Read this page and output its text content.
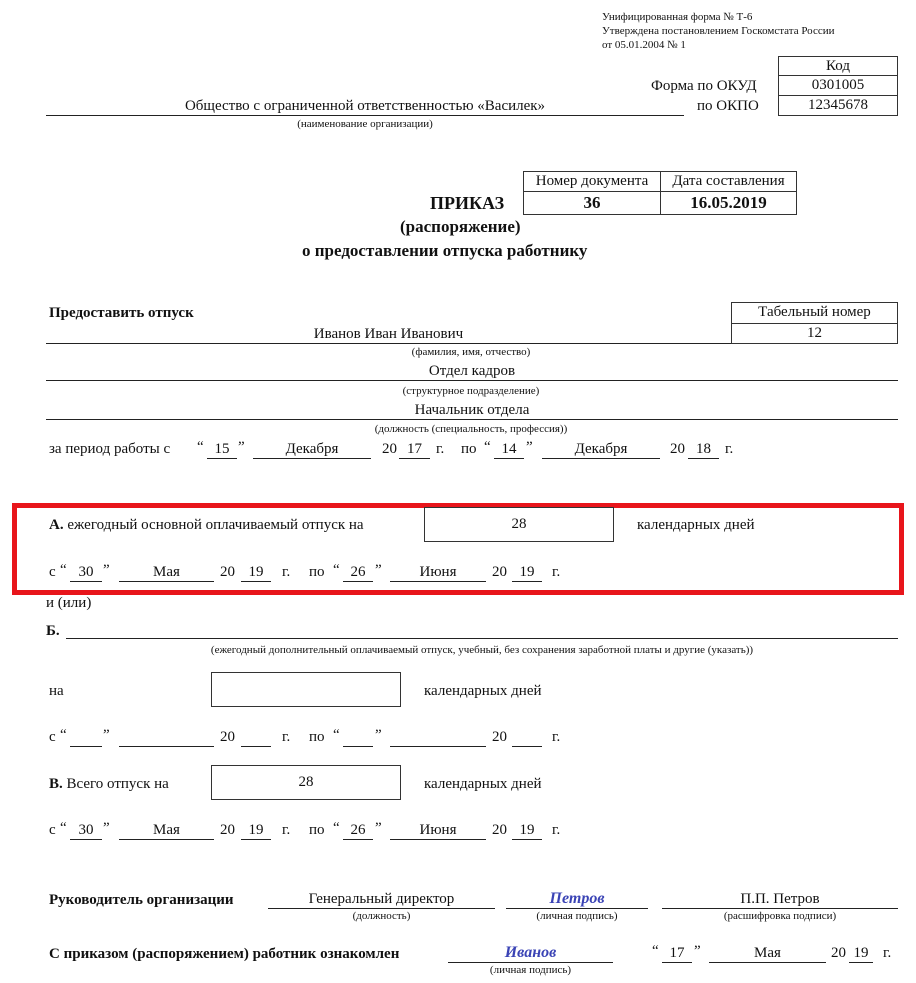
Унифицированная форма № Т-6
Утверждена постановлением Госкомстата России
от 05.01.2004 № 1
Код
0301005
12345678
Форма по ОКУД
по ОКПО
Общество с ограниченной ответственностью «Василек»
(наименование организации)
Номер документа	Дата составления
36	16.05.2019
ПРИКАЗ
(распоряжение)
о предоставлении отпуска работнику
Предоставить отпуск	Табельный номер
12
Иванов Иван Иванович
(фамилия, имя, отчество)
Отдел кадров
(структурное подразделение)
Начальник отдела
(должность (специальность, профессия))
за период работы с “ 15 ”	Декабря	20 17 г. по “ 14 ”	Декабря	20 18 г.
А. ежегодный основной оплачиваемый отпуск на	28	календарных дней
с “ 30 ”	Мая	20 19	г. по “ 26 ”	Июня	20 19	г.
и (или)
Б.
(ежегодный дополнительный оплачиваемый отпуск, учебный, без сохранения заработной платы и другие (указать))
на	календарных дней
с “ ”	20	г. по “ ”	20	г.
В. Всего отпуск на	28	календарных дней
с “ 30 ”	Мая	20 19	г. по “ 26 ”	Июня	20 19	г.
Руководитель организации	Генеральный директор
(должность)
Петров
(личная подпись)
П.П. Петров
(расшифровка подписи)
С приказом (распоряжением) работник ознакомлен	Иванов
(личная подпись)
“ 17 ”	Мая	20 19 г.
